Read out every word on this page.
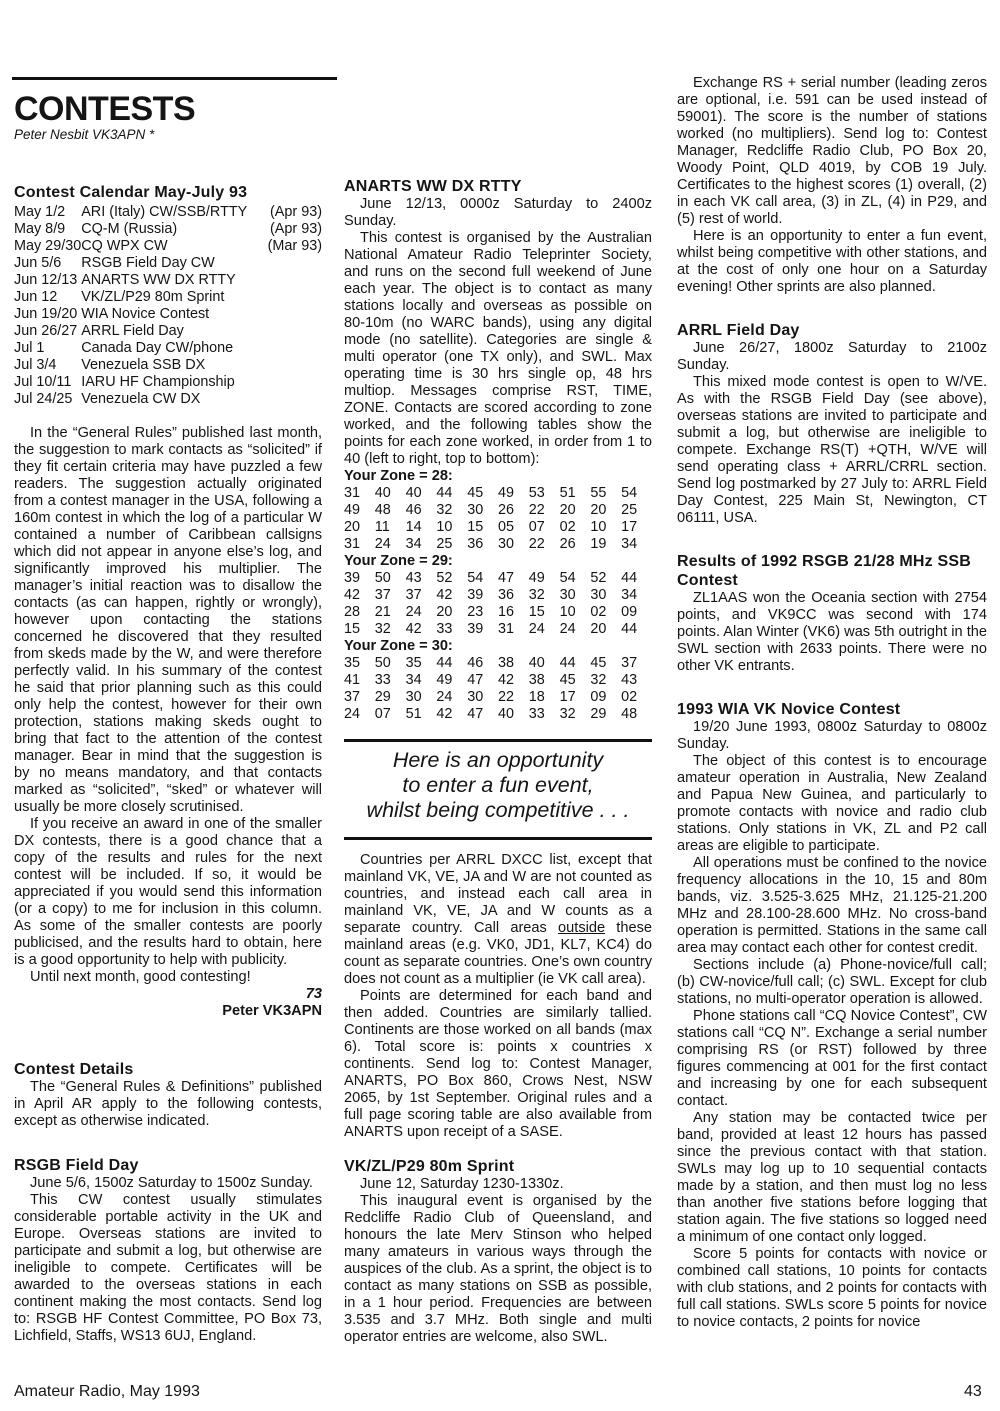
CONTESTS
Peter Nesbit VK3APN *
Contest Calendar May-July 93
May 1/2	ARI (Italy) CW/SSB/RTTY	(Apr 93)
May 8/9	CQ-M (Russia)	(Apr 93)
May 29/30	CQ WPX CW	(Mar 93)
Jun 5/6	RSGB Field Day CW	
Jun 12/13	ANARTS WW DX RTTY	
Jun 12	VK/ZL/P29 80m Sprint	
Jun 19/20	WIA Novice Contest	
Jun 26/27	ARRL Field Day	
Jul 1	Canada Day CW/phone	
Jul 3/4	Venezuela SSB DX	
Jul 10/11	IARU HF Championship	
Jul 24/25	Venezuela CW DX	

In the “General Rules” published last month, the suggestion to mark contacts as “solicited” if they fit certain criteria may have puzzled a few readers. The suggestion actually originated from a contest manager in the USA, following a 160m contest in which the log of a particular W contained a number of Caribbean callsigns which did not appear in anyone else’s log, and significantly improved his multiplier. The manager’s initial reaction was to disallow the contacts (as can happen, rightly or wrongly), however upon contacting the stations concerned he discovered that they resulted from skeds made by the W, and were therefore perfectly valid. In his summary of the contest he said that prior planning such as this could only help the contest, however for their own protection, stations making skeds ought to bring that fact to the attention of the contest manager. Bear in mind that the suggestion is by no means mandatory, and that contacts marked as “solicited”, “sked” or whatever will usually be more closely scrutinised.

If you receive an award in one of the smaller DX contests, there is a good chance that a copy of the results and rules for the next contest will be included. If so, it would be appreciated if you would send this information (or a copy) to me for inclusion in this column. As some of the smaller contests are poorly publicised, and the results hard to obtain, here is a good opportunity to help with publicity.

Until next month, good contesting!

73
Peter VK3APN
Contest Details

The “General Rules & Definitions” published in April AR apply to the following contests, except as otherwise indicated.

RSGB Field Day

June 5/6, 1500z Saturday to 1500z Sunday.

This CW contest usually stimulates considerable portable activity in the UK and Europe. Overseas stations are invited to participate and submit a log, but otherwise are ineligible to compete. Certificates will be awarded to the overseas stations in each continent making the most contacts. Send log to: RSGB HF Contest Committee, PO Box 73, Lichfield, Staffs, WS13 6UJ, England.

ANARTS WW DX RTTY

June 12/13, 0000z Saturday to 2400z Sunday.

This contest is organised by the Australian National Amateur Radio Teleprinter Society, and runs on the second full weekend of June each year. The object is to contact as many stations locally and overseas as possible on 80-10m (no WARC bands), using any digital mode (no satellite). Categories are single & multi operator (one TX only), and SWL. Max operating time is 30 hrs single op, 48 hrs multiop. Messages comprise RST, TIME, ZONE. Contacts are scored according to zone worked, and the following tables show the points for each zone worked, in order from 1 to 40 (left to right, top to bottom):

Your Zone = 28:
31	40	40	44	45	49	53	51	55	54
49	48	46	32	30	26	22	20	20	25
20	11	14	10	15	05	07	02	10	17
31	24	34	25	36	30	22	26	19	34
Your Zone = 29:
39	50	43	52	54	47	49	54	52	44
42	37	37	42	39	36	32	30	30	34
28	21	24	20	23	16	15	10	02	09
15	32	42	33	39	31	24	24	20	44
Your Zone = 30:
35	50	35	44	46	38	40	44	45	37
41	33	34	49	47	42	38	45	32	43
37	29	30	24	30	22	18	17	09	02
24	07	51	42	47	40	33	32	29	48
Here is an opportunity
to enter a fun event,
whilst being competitive . . .

Countries per ARRL DXCC list, except that mainland VK, VE, JA and W are not counted as countries, and instead each call area in mainland VK, VE, JA and W counts as a separate country. Call areas outside these mainland areas (e.g. VK0, JD1, KL7, KC4) do count as separate countries. One’s own country does not count as a multiplier (ie VK call area).

Points are determined for each band and then added. Countries are similarly tallied. Continents are those worked on all bands (max 6). Total score is: points x countries x continents. Send log to: Contest Manager, ANARTS, PO Box 860, Crows Nest, NSW 2065, by 1st September. Original rules and a full page scoring table are also available from ANARTS upon receipt of a SASE.

VK/ZL/P29 80m Sprint

June 12, Saturday 1230-1330z.

This inaugural event is organised by the Redcliffe Radio Club of Queensland, and honours the late Merv Stinson who helped many amateurs in various ways through the auspices of the club. As a sprint, the object is to contact as many stations on SSB as possible, in a 1 hour period. Frequencies are between 3.535 and 3.7 MHz. Both single and multi operator entries are welcome, also SWL.

Exchange RS + serial number (leading zeros are optional, i.e. 591 can be used instead of 59001). The score is the number of stations worked (no multipliers). Send log to: Contest Manager, Redcliffe Radio Club, PO Box 20, Woody Point, QLD 4019, by COB 19 July. Certificates to the highest scores (1) overall, (2) in each VK call area, (3) in ZL, (4) in P29, and (5) rest of world.

Here is an opportunity to enter a fun event, whilst being competitive with other stations, and at the cost of only one hour on a Saturday evening! Other sprints are also planned.

ARRL Field Day

June 26/27, 1800z Saturday to 2100z Sunday.

This mixed mode contest is open to W/VE. As with the RSGB Field Day (see above), overseas stations are invited to participate and submit a log, but otherwise are ineligible to compete. Exchange RS(T) +QTH, W/VE will send operating class + ARRL/CRRL section. Send log postmarked by 27 July to: ARRL Field Day Contest, 225 Main St, Newington, CT 06111, USA.

Results of 1992 RSGB 21/28 MHz SSB Contest

ZL1AAS won the Oceania section with 2754 points, and VK9CC was second with 174 points. Alan Winter (VK6) was 5th outright in the SWL section with 2633 points. There were no other VK entrants.

1993 WIA VK Novice Contest

19/20 June 1993, 0800z Saturday to 0800z Sunday.

The object of this contest is to encourage amateur operation in Australia, New Zealand and Papua New Guinea, and particularly to promote contacts with novice and radio club stations. Only stations in VK, ZL and P2 call areas are eligible to participate.

All operations must be confined to the novice frequency allocations in the 10, 15 and 80m bands, viz. 3.525-3.625 MHz, 21.125-21.200 MHz and 28.100-28.600 MHz. No cross-band operation is permitted. Stations in the same call area may contact each other for contest credit.

Sections include (a) Phone-novice/full call; (b) CW-novice/full call; (c) SWL. Except for club stations, no multi-operator operation is allowed.

Phone stations call “CQ Novice Contest”, CW stations call “CQ N”. Exchange a serial number comprising RS (or RST) followed by three figures commencing at 001 for the first contact and increasing by one for each subsequent contact.

Any station may be contacted twice per band, provided at least 12 hours has passed since the previous contact with that station. SWLs may log up to 10 sequential contacts made by a station, and then must log no less than another five stations before logging that station again. The five stations so logged need a minimum of one contact only logged.

Score 5 points for contacts with novice or combined call stations, 10 points for contacts with club stations, and 2 points for contacts with full call stations. SWLs score 5 points for novice to novice contacts, 2 points for novice

Amateur Radio, May 1993	43
